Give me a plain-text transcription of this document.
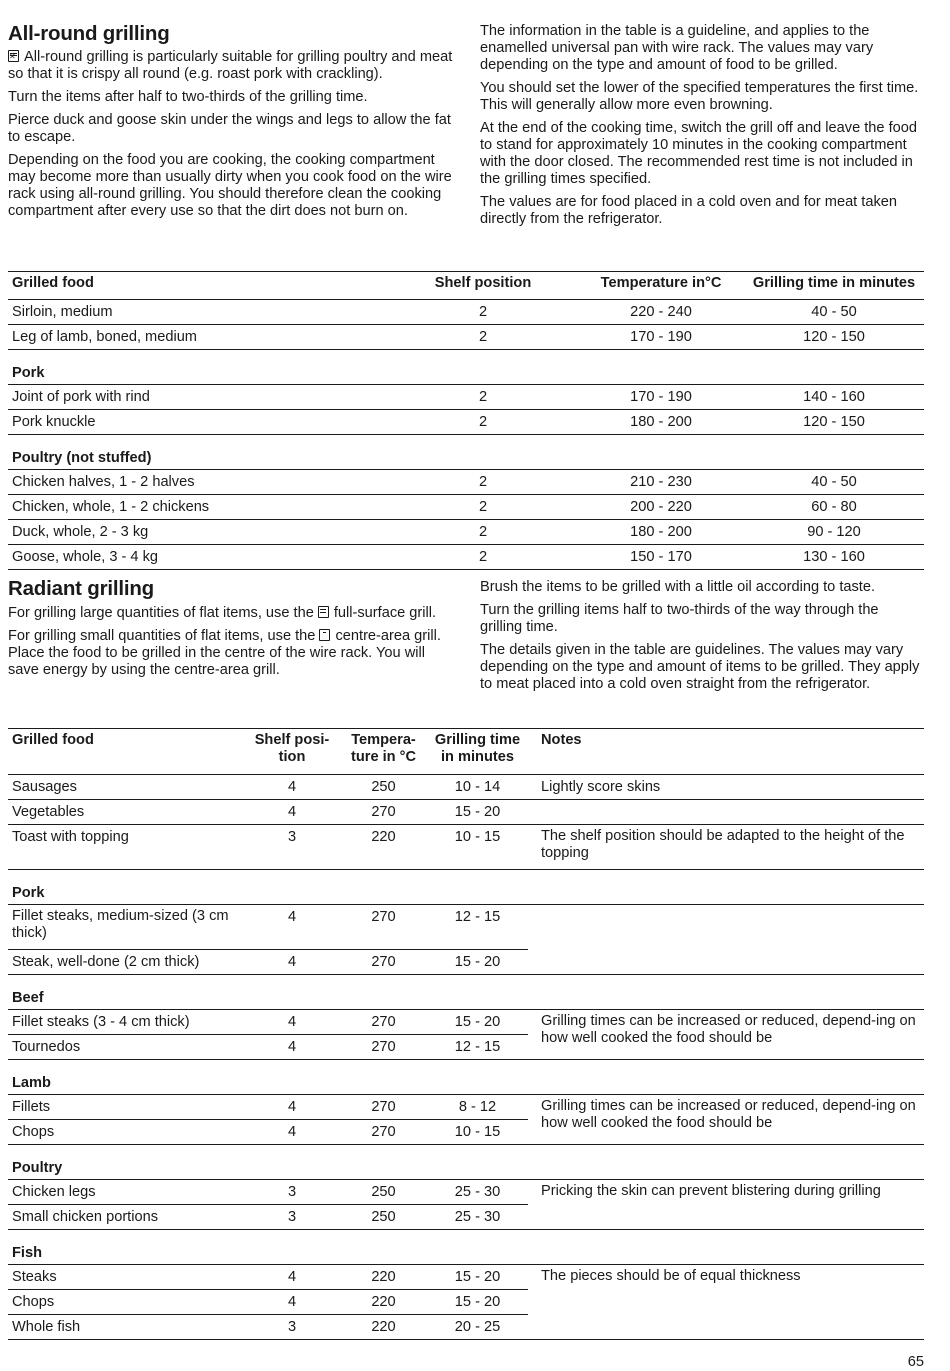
All-round grilling

✕All-round grilling is particularly suitable for grilling poultry and meat so that it is crispy all round (e.g. roast pork with crackling).

Turn the items after half to two-thirds of the grilling time.

Pierce duck and goose skin under the wings and legs to allow the fat to escape.

Depending on the food you are cooking, the cooking compartment may become more than usually dirty when you cook food on the wire rack using all-round grilling. You should therefore clean the cooking compartment after every use so that the dirt does not burn on.

The information in the table is a guideline, and applies to the enamelled universal pan with wire rack. The values may vary depending on the type and amount of food to be grilled.

You should set the lower of the specified temperatures the first time. This will generally allow more even browning.

At the end of the cooking time, switch the grill off and leave the food to stand for approximately 10 minutes in the cooking compartment with the door closed. The recommended rest time is not included in the grilling times specified.

The values are for food placed in a cold oven and for meat taken directly from the refrigerator.

Grilled food	Shelf position	Temperature in°C	Grilling time in minutes
Sirloin, medium	2	220 - 240	40 - 50
Leg of lamb, boned, medium	2	170 - 190	120 - 150
Pork			
Joint of pork with rind	2	170 - 190	140 - 160
Pork knuckle	2	180 - 200	120 - 150
Poultry (not stuffed)			
Chicken halves, 1 - 2 halves	2	210 - 230	40 - 50
Chicken, whole, 1 - 2 chickens	2	200 - 220	60 - 80
Duck, whole, 2 - 3 kg	2	180 - 200	90 - 120
Goose, whole, 3 - 4 kg	2	150 - 170	130 - 160
Radiant grilling

For grilling large quantities of flat items, use the full-surface grill.

For grilling small quantities of flat items, use the centre-area grill. Place the food to be grilled in the centre of the wire rack. You will save energy by using the centre-area grill.

Brush the items to be grilled with a little oil according to taste.

Turn the grilling items half to two-thirds of the way through the grilling time.

The details given in the table are guidelines. The values may vary depending on the type and amount of items to be grilled. They apply to meat placed into a cold oven straight from the refrigerator.

Grilled food	Shelf posi-tion	Tempera-ture in °C	Grilling time in minutes	Notes
Sausages	4	250	10 - 14	Lightly score skins
Vegetables	4	270	15 - 20	
Toast with topping	3	220	10 - 15	The shelf position should be adapted to the height of the topping
Pork				
Fillet steaks, medium-sized (3 cm thick)	4	270	12 - 15	
Steak, well-done (2 cm thick)	4	270	15 - 20	
Beef				
Fillet steaks (3 - 4 cm thick)	4	270	15 - 20	Grilling times can be increased or reduced, depend-ing on how well cooked the food should be
Tournedos	4	270	12 - 15	
Lamb				
Fillets	4	270	8 - 12	Grilling times can be increased or reduced, depend-ing on how well cooked the food should be
Chops	4	270	10 - 15	
Poultry				
Chicken legs	3	250	25 - 30	Pricking the skin can prevent blistering during grilling
Small chicken portions	3	250	25 - 30	
Fish				
Steaks	4	220	15 - 20	The pieces should be of equal thickness
Chops	4	220	15 - 20	
Whole fish	3	220	20 - 25	
65
